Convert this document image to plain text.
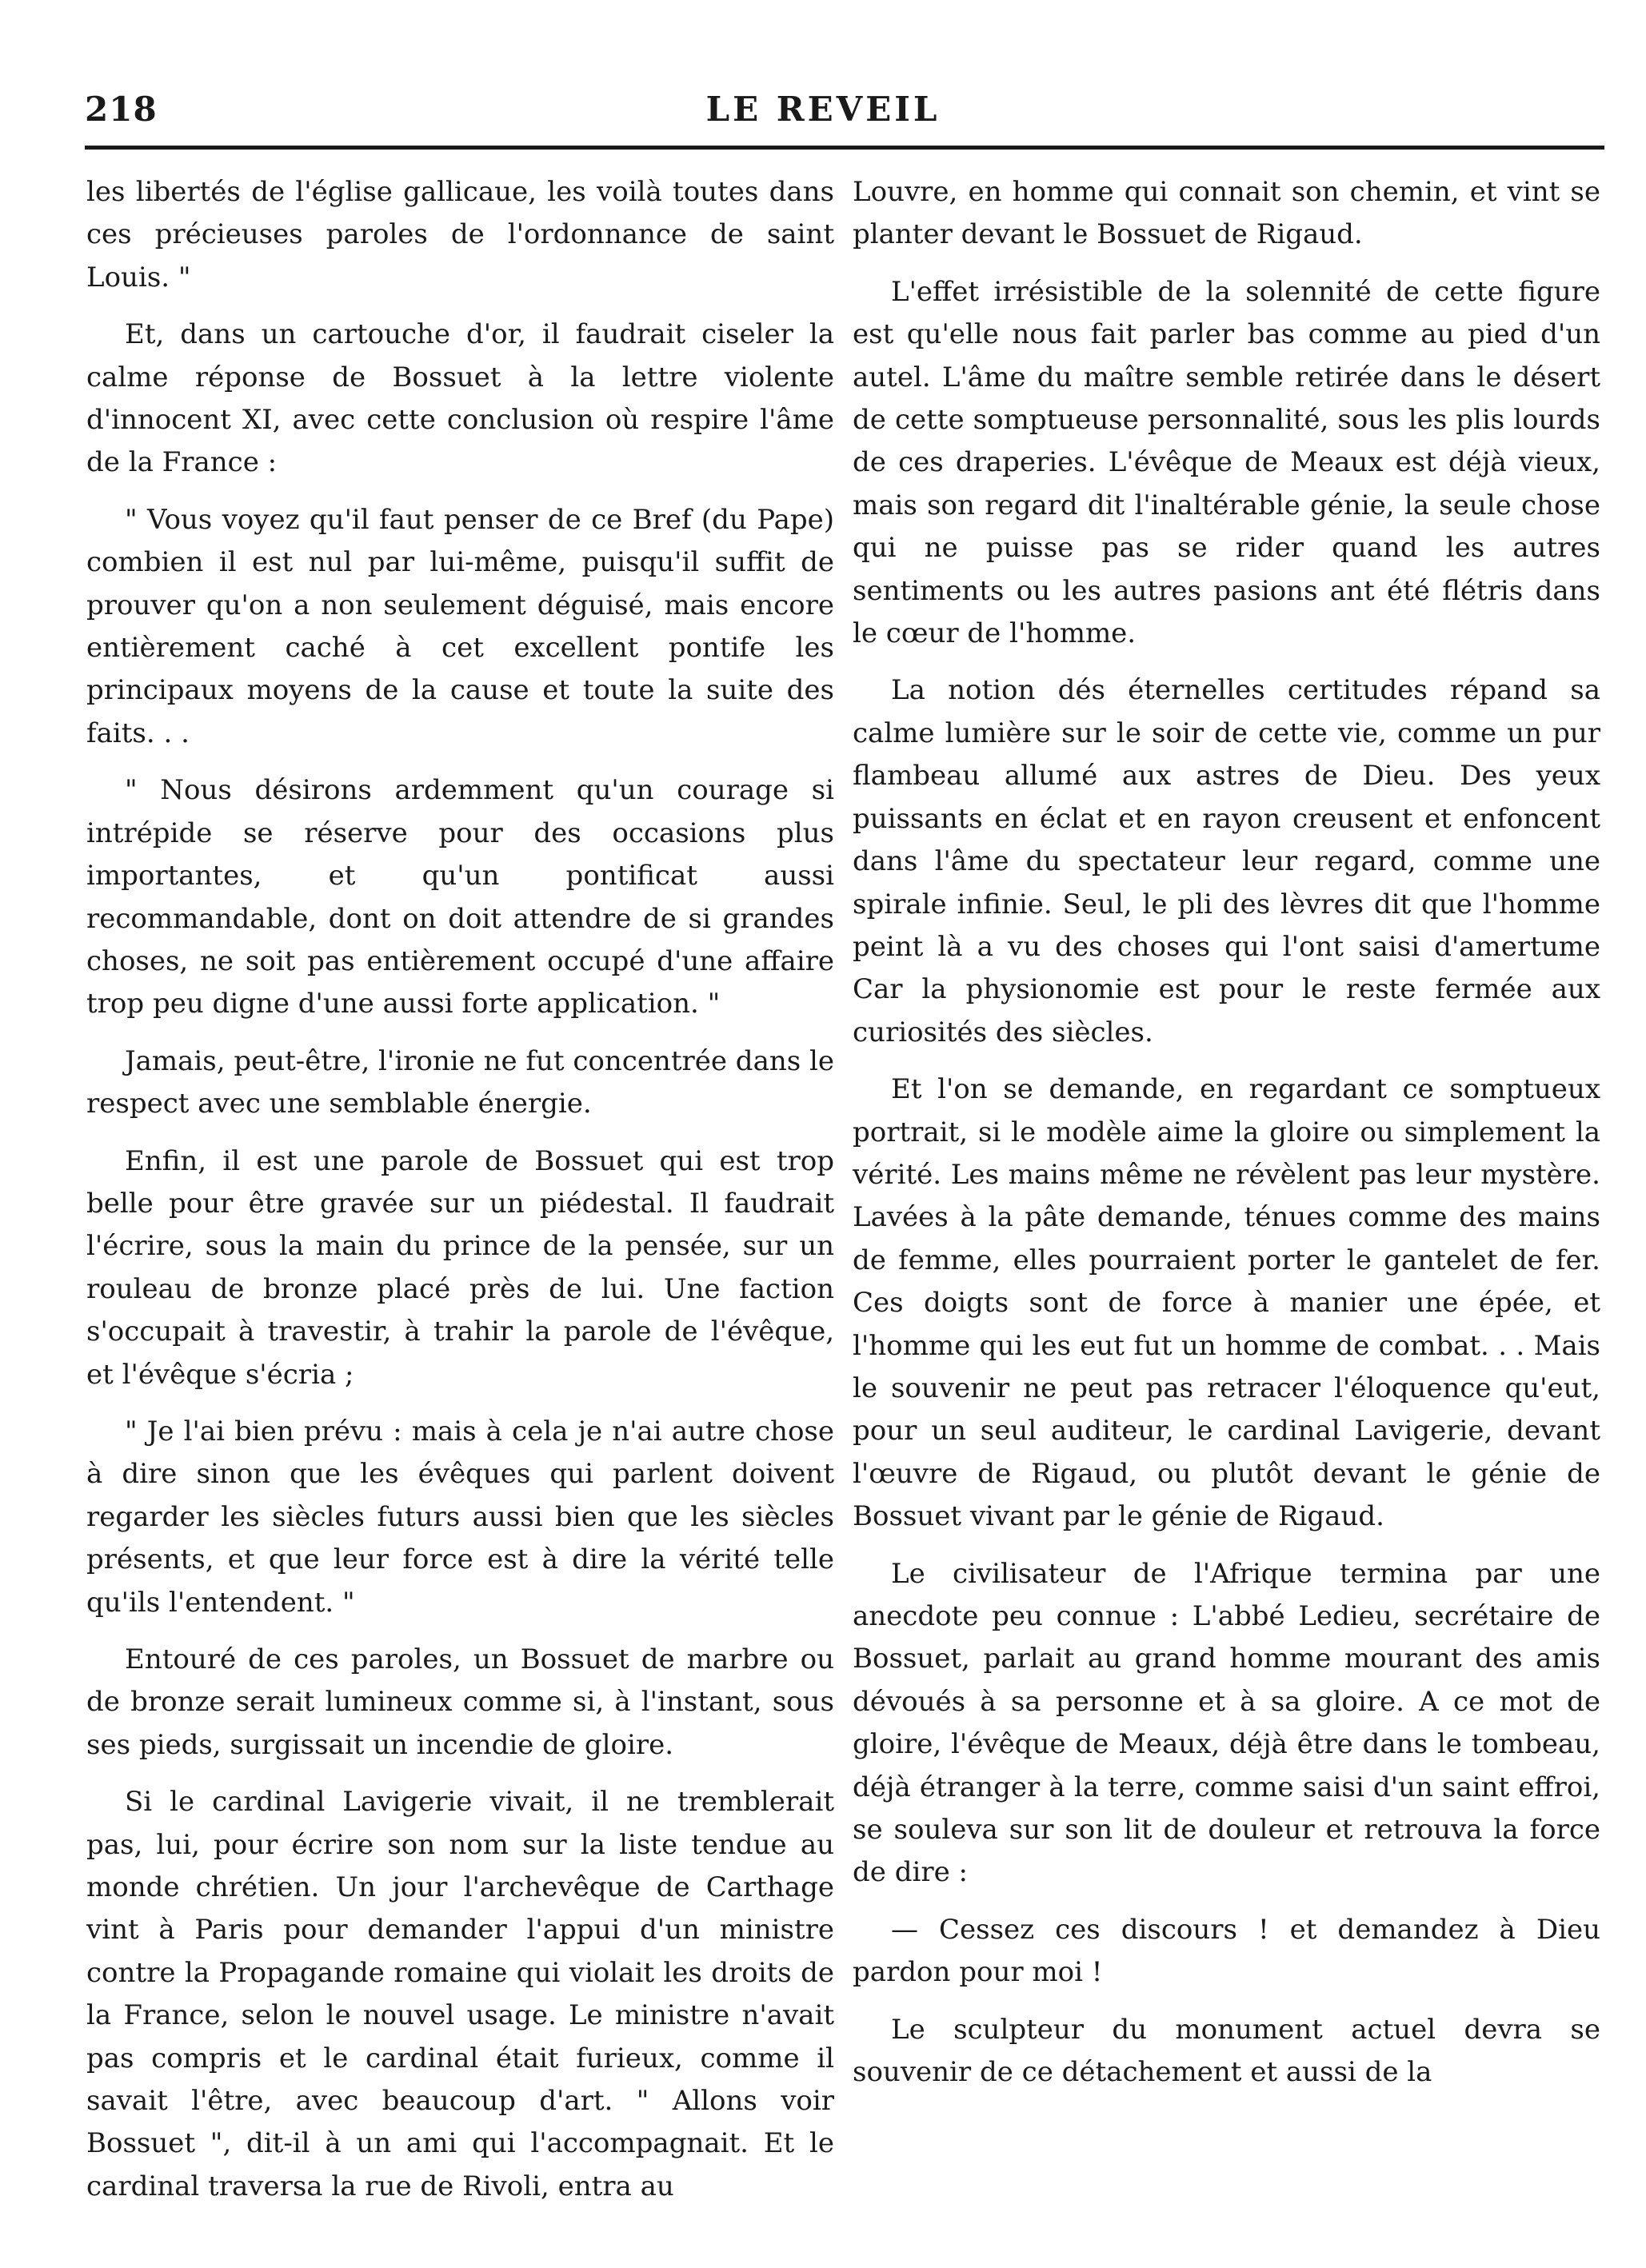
218	LE REVEIL

les libertés de l'église gallicaue, les voilà toutes dans ces précieuses paroles de l'ordonnance de saint Louis. "

Et, dans un cartouche d'or, il faudrait ciseler la calme réponse de Bossuet à la lettre violente d'innocent XI, avec cette conclusion où respire l'âme de la France :

" Vous voyez qu'il faut penser de ce Bref (du Pape) combien il est nul par lui-même, puisqu'il suffit de prouver qu'on a non seulement déguisé, mais encore entièrement caché à cet excellent pontife les principaux moyens de la cause et toute la suite des faits. . .

" Nous désirons ardemment qu'un courage si intrépide se réserve pour des occasions plus importantes, et qu'un pontificat aussi recommandable, dont on doit attendre de si grandes choses, ne soit pas entièrement occupé d'une affaire trop peu digne d'une aussi forte application. "

Jamais, peut-être, l'ironie ne fut concentrée dans le respect avec une semblable énergie.

Enfin, il est une parole de Bossuet qui est trop belle pour être gravée sur un piédestal. Il faudrait l'écrire, sous la main du prince de la pensée, sur un rouleau de bronze placé près de lui. Une faction s'occupait à travestir, à trahir la parole de l'évêque, et l'évêque s'écria ;

" Je l'ai bien prévu : mais à cela je n'ai autre chose à dire sinon que les évêques qui parlent doivent regarder les siècles futurs aussi bien que les siècles présents, et que leur force est à dire la vérité telle qu'ils l'entendent. "

Entouré de ces paroles, un Bossuet de marbre ou de bronze serait lumineux comme si, à l'instant, sous ses pieds, surgissait un incendie de gloire.

Si le cardinal Lavigerie vivait, il ne tremblerait pas, lui, pour écrire son nom sur la liste tendue au monde chrétien. Un jour l'archevêque de Carthage vint à Paris pour demander l'appui d'un ministre contre la Propagande romaine qui violait les droits de la France, selon le nouvel usage. Le ministre n'avait pas compris et le cardinal était furieux, comme il savait l'être, avec beaucoup d'art. " Allons voir Bossuet ", dit-il à un ami qui l'accompagnait. Et le cardinal traversa la rue de Rivoli, entra au

Louvre, en homme qui connait son chemin, et vint se planter devant le Bossuet de Rigaud.

L'effet irrésistible de la solennité de cette figure est qu'elle nous fait parler bas comme au pied d'un autel. L'âme du maître semble retirée dans le désert de cette somptueuse personnalité, sous les plis lourds de ces draperies. L'évêque de Meaux est déjà vieux, mais son regard dit l'inaltérable génie, la seule chose qui ne puisse pas se rider quand les autres sentiments ou les autres pasions ant été flétris dans le cœur de l'homme.

La notion dés éternelles certitudes répand sa calme lumière sur le soir de cette vie, comme un pur flambeau allumé aux astres de Dieu. Des yeux puissants en éclat et en rayon creusent et enfoncent dans l'âme du spectateur leur regard, comme une spirale infinie. Seul, le pli des lèvres dit que l'homme peint là a vu des choses qui l'ont saisi d'amertume Car la physionomie est pour le reste fermée aux curiosités des siècles.

Et l'on se demande, en regardant ce somptueux portrait, si le modèle aime la gloire ou simplement la vérité. Les mains même ne révèlent pas leur mystère. Lavées à la pâte demande, ténues comme des mains de femme, elles pourraient porter le gantelet de fer. Ces doigts sont de force à manier une épée, et l'homme qui les eut fut un homme de combat. . . Mais le souvenir ne peut pas retracer l'éloquence qu'eut, pour un seul auditeur, le cardinal Lavigerie, devant l'œuvre de Rigaud, ou plutôt devant le génie de Bossuet vivant par le génie de Rigaud.

Le civilisateur de l'Afrique termina par une anecdote peu connue : L'abbé Ledieu, secrétaire de Bossuet, parlait au grand homme mourant des amis dévoués à sa personne et à sa gloire. A ce mot de gloire, l'évêque de Meaux, déjà être dans le tombeau, déjà étranger à la terre, comme saisi d'un saint effroi, se souleva sur son lit de douleur et retrouva la force de dire :

— Cessez ces discours ! et demandez à Dieu pardon pour moi !

Le sculpteur du monument actuel devra se souvenir de ce détachement et aussi de la
